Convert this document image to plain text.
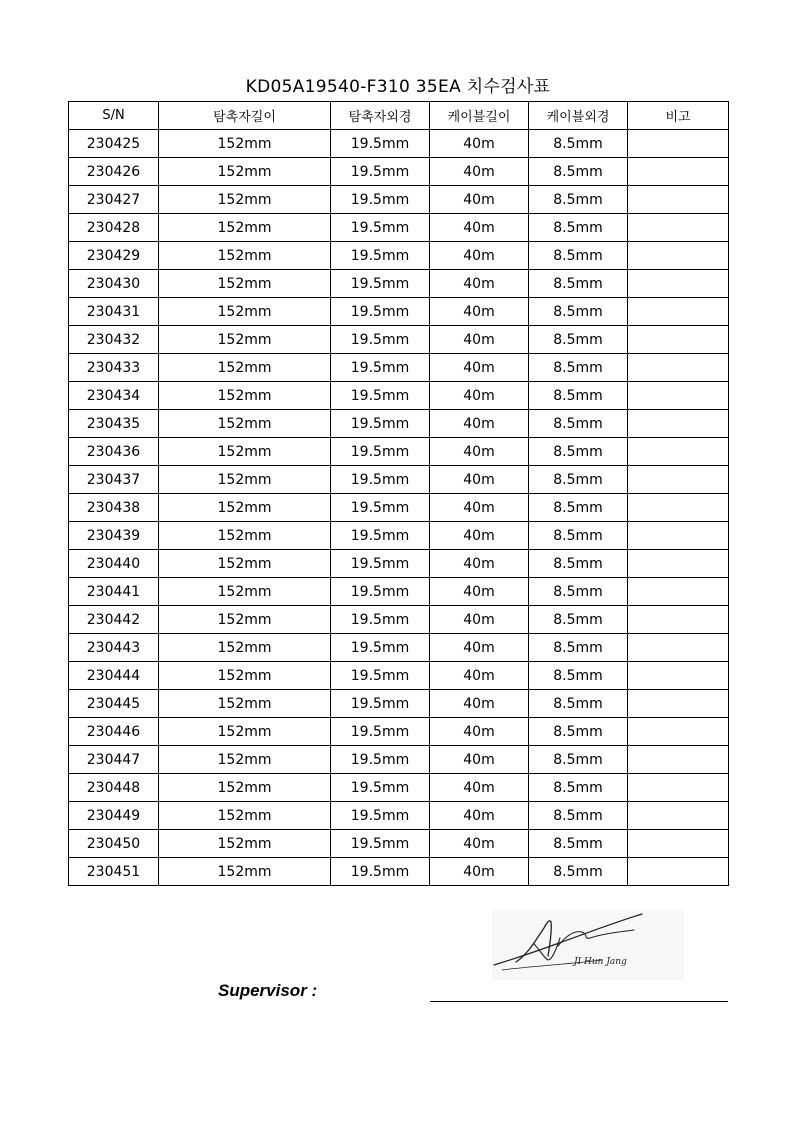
KD05A19540-F310 35EA 치수검사표
S/N	탐촉자길이	탐촉자외경	케이블길이	케이블외경	비고
230425	152mm	19.5mm	40m	8.5mm	
230426	152mm	19.5mm	40m	8.5mm	
230427	152mm	19.5mm	40m	8.5mm	
230428	152mm	19.5mm	40m	8.5mm	
230429	152mm	19.5mm	40m	8.5mm	
230430	152mm	19.5mm	40m	8.5mm	
230431	152mm	19.5mm	40m	8.5mm	
230432	152mm	19.5mm	40m	8.5mm	
230433	152mm	19.5mm	40m	8.5mm	
230434	152mm	19.5mm	40m	8.5mm	
230435	152mm	19.5mm	40m	8.5mm	
230436	152mm	19.5mm	40m	8.5mm	
230437	152mm	19.5mm	40m	8.5mm	
230438	152mm	19.5mm	40m	8.5mm	
230439	152mm	19.5mm	40m	8.5mm	
230440	152mm	19.5mm	40m	8.5mm	
230441	152mm	19.5mm	40m	8.5mm	
230442	152mm	19.5mm	40m	8.5mm	
230443	152mm	19.5mm	40m	8.5mm	
230444	152mm	19.5mm	40m	8.5mm	
230445	152mm	19.5mm	40m	8.5mm	
230446	152mm	19.5mm	40m	8.5mm	
230447	152mm	19.5mm	40m	8.5mm	
230448	152mm	19.5mm	40m	8.5mm	
230449	152mm	19.5mm	40m	8.5mm	
230450	152mm	19.5mm	40m	8.5mm	
230451	152mm	19.5mm	40m	8.5mm	
JI Hun Jang
Supervisor :
